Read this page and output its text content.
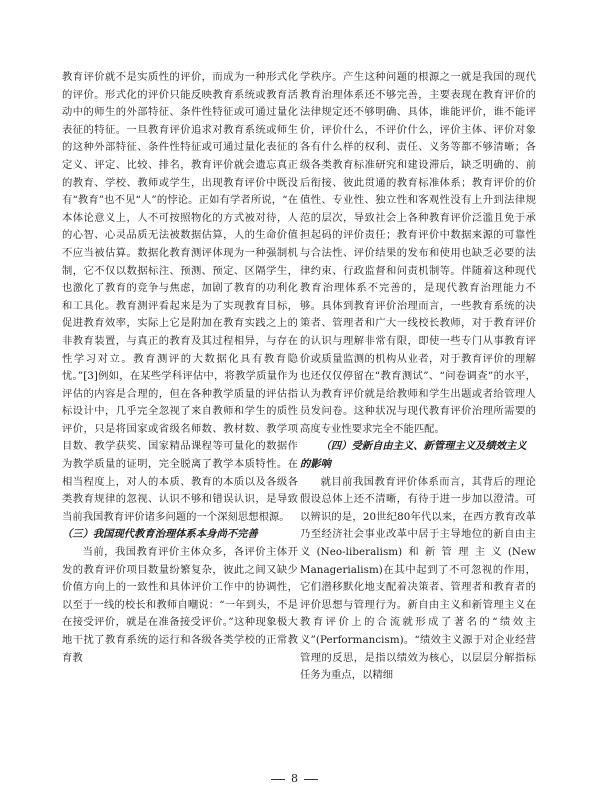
教育评价就不是实质性的评价，而成为一种形式化的评价。形式化的评价只能反映教育系统或教育活动中的师生的外部特征、条件性特征或可通过量化表征的特征。一旦教育评价追求对教育系统或师生的这种外部特征、条件性特征或可通过量化表征的定义、评定、比较、排名，教育评价就会遗忘真正的教育、学校、教师或学生，出现教育评价中既没有“教育”也不见“人”的悖论。正如有学者所说，“在本体论意义上，人不可按照物化的方式被对待，人的心智、心灵品质无法被数据估算，人的生命价值不应当被估算。数据化教育测评体现为一种强制机制，它不仅以数据标注、预测、预定、区隔学生，也激化了教育的竞争与焦虑，加剧了教育的功利化和工具化。教育测评看起来是为了实现教育目标，促进教育效率，实际上它是附加在教育实践之上的非教育装置，与真正的教育及其过程相异，与存在性学习对立。教育测评的大数据化具有教育隐忧。”[3]例如，在某些学科评估中，将教学质量作为评估的内容是合理的，但在各种教学质量的评估指标设计中，几乎完全忽视了来自教师和学生的质性评价，只是将国家或省级名师数、教材数、教学项目数、教学获奖、国家精品课程等可量化的数据作为教学质量的证明，完全脱离了教学本质特性。在相当程度上，对人的本质、教育的本质以及各级各类教育规律的忽视、认识不够和错误认识，是导致当前我国教育评价诸多问题的一个深刻思想根源。

（三）我国现代教育治理体系本身尚不完善

当前，我国教育评价主体众多，各评价主体开发的教育评价项目数量纷繁复杂，彼此之间又缺少价值方向上的一致性和具体评价工作中的协调性，以至于一线的校长和教师自嘲说：“一年到头，不是在接受评价，就是在准备接受评价。”这种现象极大地干扰了教育系统的运行和各级各类学校的正常教育教

学秩序。产生这种问题的根源之一就是我国的现代教育治理体系还不够完善，主要表现在教育评价的法律规定还不够明确、具体，谁能评价，谁不能评价，评价什么，不评价什么，评价主体、评价对象各有什么样的权利、责任、义务等都不够清晰；各级各类教育标准研究和建设滞后，缺乏明确的、前后衔接、彼此贯通的教育标准体系；教育评价的价值性、专业性、独立性和客观性没有上升到法律规范的层次，导致社会上各种教育评价泛滥且免于承担起码的评价责任；教育评价中数据来源的可靠性与合法性、评价结果的发布和使用也缺乏必要的法律约束、行政监督和问责机制等。伴随着这种现代教育治理体系不完善的，是现代教育治理能力不够。具体到教育评价治理而言，一些教育系统的决策者、管理者和广大一线校长教师，对于教育评价的认识与理解非常有限，即使一些专门从事教育评价或质量监测的机构从业者，对于教育评价的理解也还仅仅停留在“教育测试”、“问卷调查”的水平，认为教育评价就是给教师和学生出题或者给管理人员发问卷。这种状况与现代教育评价治理所需要的高度专业性要求完全不能匹配。

（四）受新自由主义、新管理主义及绩效主义的影响

就目前我国教育评价体系而言，其背后的理论假设总体上还不清晰，有待于进一步加以澄清。可以辨识的是，20世纪80年代以来，在西方教育改革乃至经济社会事业改革中居于主导地位的新自由主义(Neo-liberalism)和新管理主义(New Managerialism)在其中起到了不可忽视的作用，它们潜移默化地支配着决策者、管理者和教育者的评价思想与管理行为。新自由主义和新管理主义在教育评价上的合流就形成了著名的“绩效主义”(Performancism)。“绩效主义源于对企业经营管理的反思，是指以绩效为核心，以层层分解指标任务为重点，以精细

8
